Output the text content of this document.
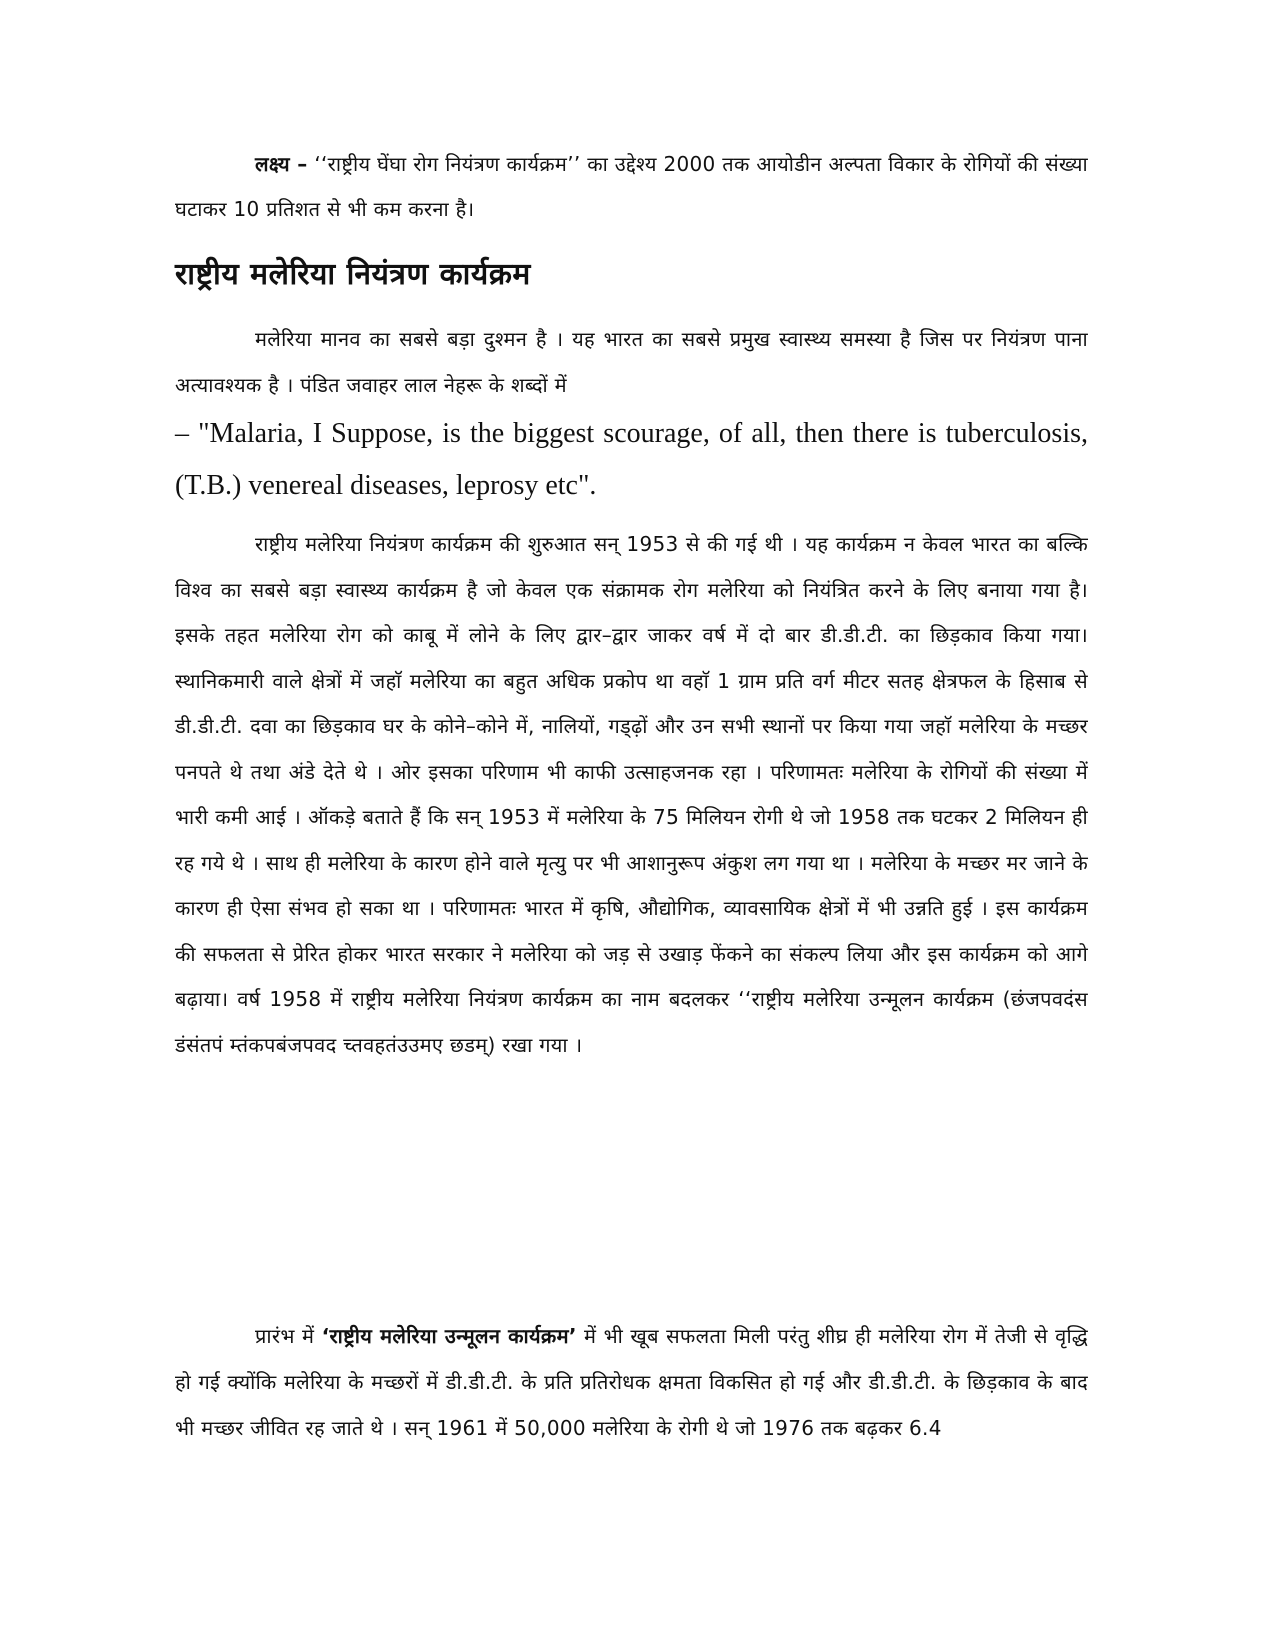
लक्ष्य – ‘‘राष्ट्रीय घेंघा रोग नियंत्रण कार्यक्रम’’ का उद्देश्य 2000 तक आयोडीन अल्पता विकार के रोगियों की संख्या घटाकर 10 प्रतिशत से भी कम करना है।

राष्ट्रीय मलेरिया नियंत्रण कार्यक्रम

मलेरिया मानव का सबसे बड़ा दुश्मन है । यह भारत का सबसे प्रमुख स्वास्थ्य समस्या है जिस पर नियंत्रण पाना अत्यावश्यक है । पंडित जवाहर लाल नेहरू के शब्दों में

– "Malaria, I Suppose, is the biggest scourage, of all, then there is tuberculosis, (T.B.) venereal diseases, leprosy etc".

राष्ट्रीय मलेरिया नियंत्रण कार्यक्रम की शुरुआत सन् 1953 से की गई थी । यह कार्यक्रम न केवल भारत का बल्कि विश्व का सबसे बड़ा स्वास्थ्य कार्यक्रम है जो केवल एक संक्रामक रोग मलेरिया को नियंत्रित करने के लिए बनाया गया है। इसके तहत मलेरिया रोग को काबू में लोने के लिए द्वार–द्वार जाकर वर्ष में दो बार डी.डी.टी. का छिड़काव किया गया। स्थानिकमारी वाले क्षेत्रों में जहाॅ मलेरिया का बहुत अधिक प्रकोप था वहाॅ 1 ग्राम प्रति वर्ग मीटर सतह क्षेत्रफल के हिसाब से डी.डी.टी. दवा का छिड़काव घर के कोने–कोने में, नालियों, गड्ढ़ों और उन सभी स्थानों पर किया गया जहाॅ मलेरिया के मच्छर पनपते थे तथा अंडे देते थे । ओर इसका परिणाम भी काफी उत्साहजनक रहा । परिणामतः मलेरिया के रोगियों की संख्या में भारी कमी आई । ऑकड़े बताते हैं कि सन् 1953 में मलेरिया के 75 मिलियन रोगी थे जो 1958 तक घटकर 2 मिलियन ही रह गये थे । साथ ही मलेरिया के कारण होने वाले मृत्यु पर भी आशानुरूप अंकुश लग गया था । मलेरिया के मच्छर मर जाने के कारण ही ऐसा संभव हो सका था । परिणामतः भारत में कृषि, औद्योगिक, व्यावसायिक क्षेत्रों में भी उन्नति हुई । इस कार्यक्रम की सफलता से प्रेरित होकर भारत सरकार ने मलेरिया को जड़ से उखाड़ फेंकने का संकल्प लिया और इस कार्यक्रम को आगे बढ़ाया। वर्ष 1958 में राष्ट्रीय मलेरिया नियंत्रण कार्यक्रम का नाम बदलकर ‘‘राष्ट्रीय मलेरिया उन्मूलन कार्यक्रम (छंजपवदंस डंसंतपं म्तंकपबंजपवद च्तवहतंउउमए छडम्) रखा गया ।

प्रारंभ में ‘राष्ट्रीय मलेरिया उन्मूलन कार्यक्रम’ में भी खूब सफलता मिली परंतु शीघ्र ही मलेरिया रोग में तेजी से वृद्धि हो गई क्योंकि मलेरिया के मच्छरों में डी.डी.टी. के प्रति प्रतिरोधक क्षमता विकसित हो गई और डी.डी.टी. के छिड़काव के बाद भी मच्छर जीवित रह जाते थे । सन् 1961 में 50,000 मलेरिया के रोगी थे जो 1976 तक बढ़कर 6.4
